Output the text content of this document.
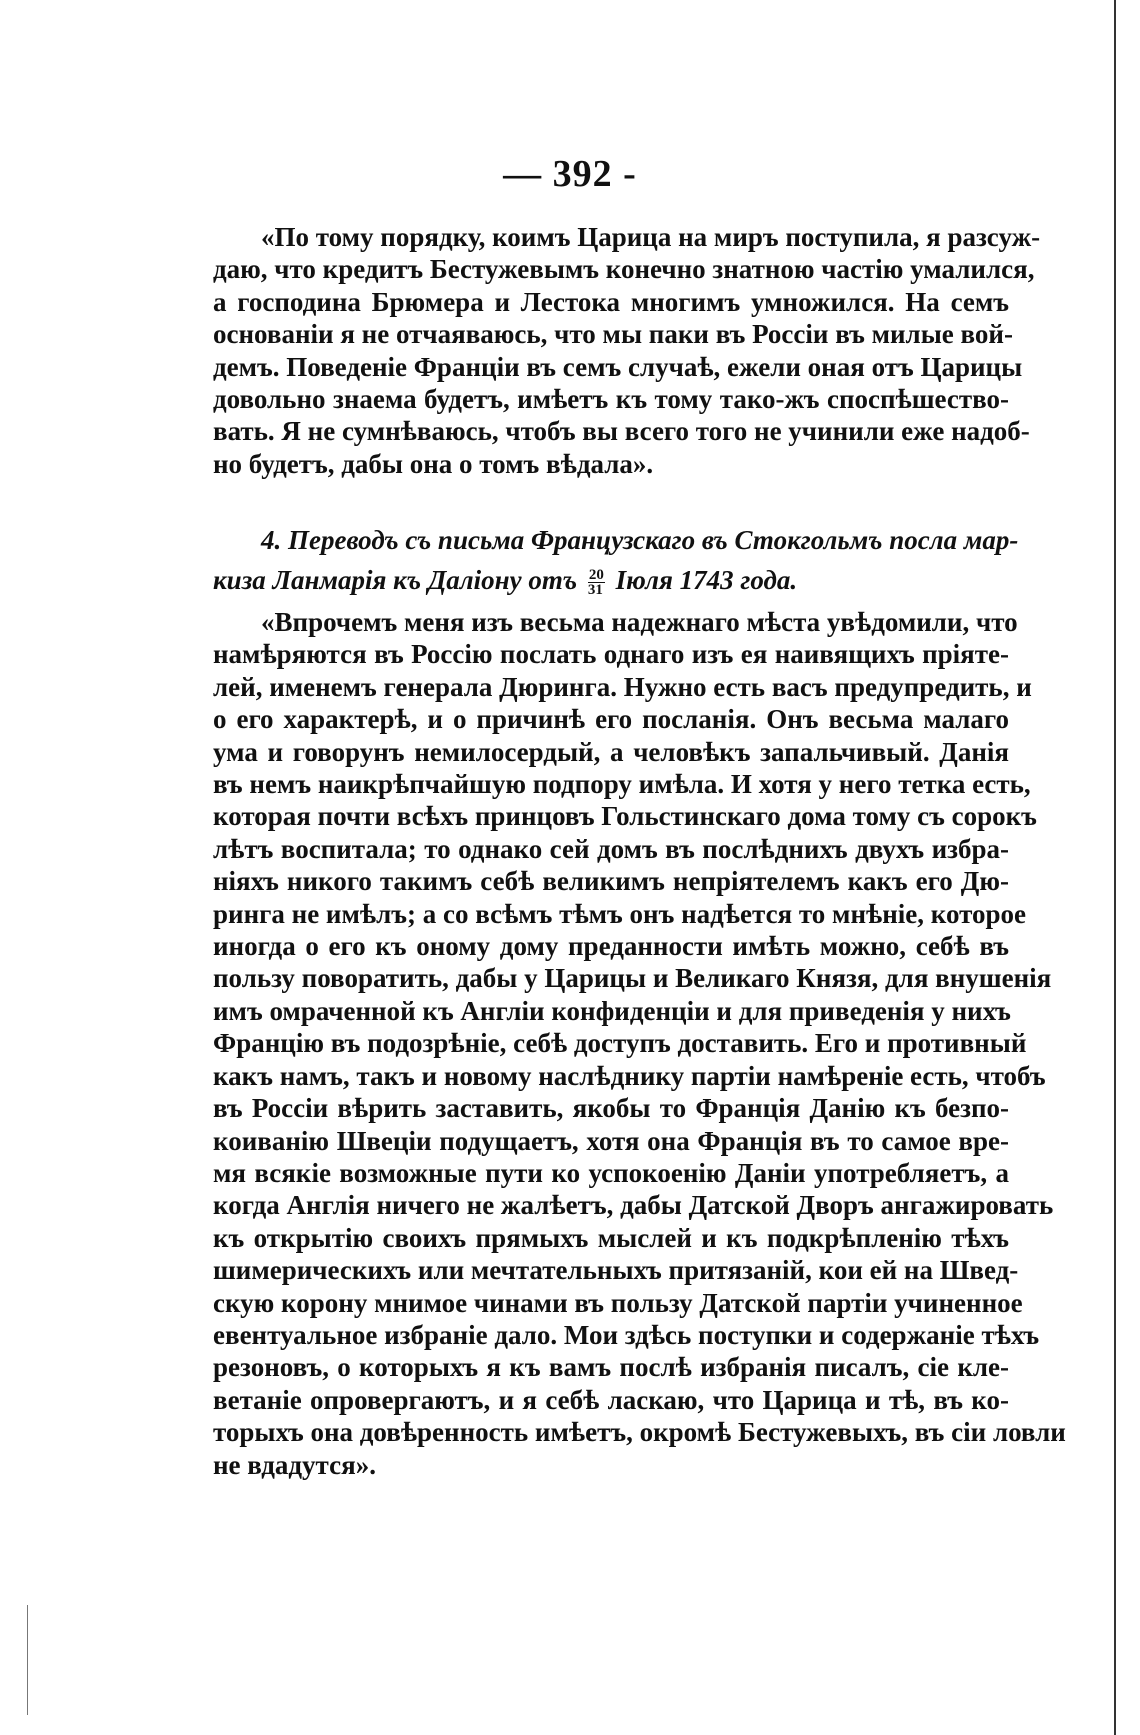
— 392 -
«По тому порядку, коимъ Царица на миръ поступила, я разсуж-
даю, что кредитъ Бестужевымъ конечно знатною частію умалился,
а господина Брюмера и Лестока многимъ умножился. На семъ
основаніи я не отчаяваюсь, что мы паки въ Россіи въ милые вой-
демъ. Поведеніе Франціи въ семъ случаѣ, ежели оная отъ Царицы
довольно знаема будетъ, имѣетъ къ тому тако-жъ споспѣшество-
вать. Я не сумнѣваюсь, чтобъ вы всего того не учинили еже надоб-
но будетъ, дабы она о томъ вѣдала».
4. Переводъ съ письма Французскаго въ Стокгольмъ посла мар-
киза Ланмарія къ Даліону отъ $\frac{20}{31}$ Іюля 1743 года.
«Впрочемъ меня изъ весьма надежнаго мѣста увѣдомили, что
намѣряются въ Россію послать однаго изъ ея наивящихъ пріяте-
лей, именемъ генерала Дюринга. Нужно есть васъ предупредить, и
о его характерѣ, и о причинѣ его посланія. Онъ весьма малаго
ума и говорунъ немилосердый, а человѣкъ запальчивый. Данія
въ немъ наикрѣпчайшую подпору имѣла. И хотя у него тетка есть,
которая почти всѣхъ принцовъ Гольстинскаго дома тому съ сорокъ
лѣтъ воспитала; то однако сей домъ въ послѣднихъ двухъ избра-
ніяхъ никого такимъ себѣ великимъ непріятелемъ какъ его Дю-
ринга не имѣлъ; а со всѣмъ тѣмъ онъ надѣется то мнѣніе, которое
иногда о его къ оному дому преданности имѣть можно, себѣ въ
пользу поворатить, дабы у Царицы и Великаго Князя, для внушенія
имъ омраченной къ Англіи конфиденціи и для приведенія у нихъ
Францію въ подозрѣніе, себѣ доступъ доставить. Его и противный
какъ намъ, такъ и новому наслѣднику партіи намѣреніе есть, чтобъ
въ Россіи вѣрить заставить, якобы то Франція Данію къ безпо-
коиванію Швеціи подущаетъ, хотя она Франція въ то самое вре-
мя всякіе возможные пути ко успокоенію Даніи употребляетъ, а
когда Англія ничего не жалѣетъ, дабы Датской Дворъ ангажировать
къ открытію своихъ прямыхъ мыслей и къ подкрѣпленію тѣхъ
шимерическихъ или мечтательныхъ притязаній, кои ей на Швед-
скую корону мнимое чинами въ пользу Датской партіи учиненное
евентуальное избраніе дало. Мои здѣсь поступки и содержаніе тѣхъ
резоновъ, о которыхъ я къ вамъ послѣ избранія писалъ, сіе кле-
ветаніе опровергаютъ, и я себѣ ласкаю, что Царица и тѣ, въ ко-
торыхъ она довѣренность имѣетъ, окромѣ Бестужевыхъ, въ сіи ловли
не вдадутся».
